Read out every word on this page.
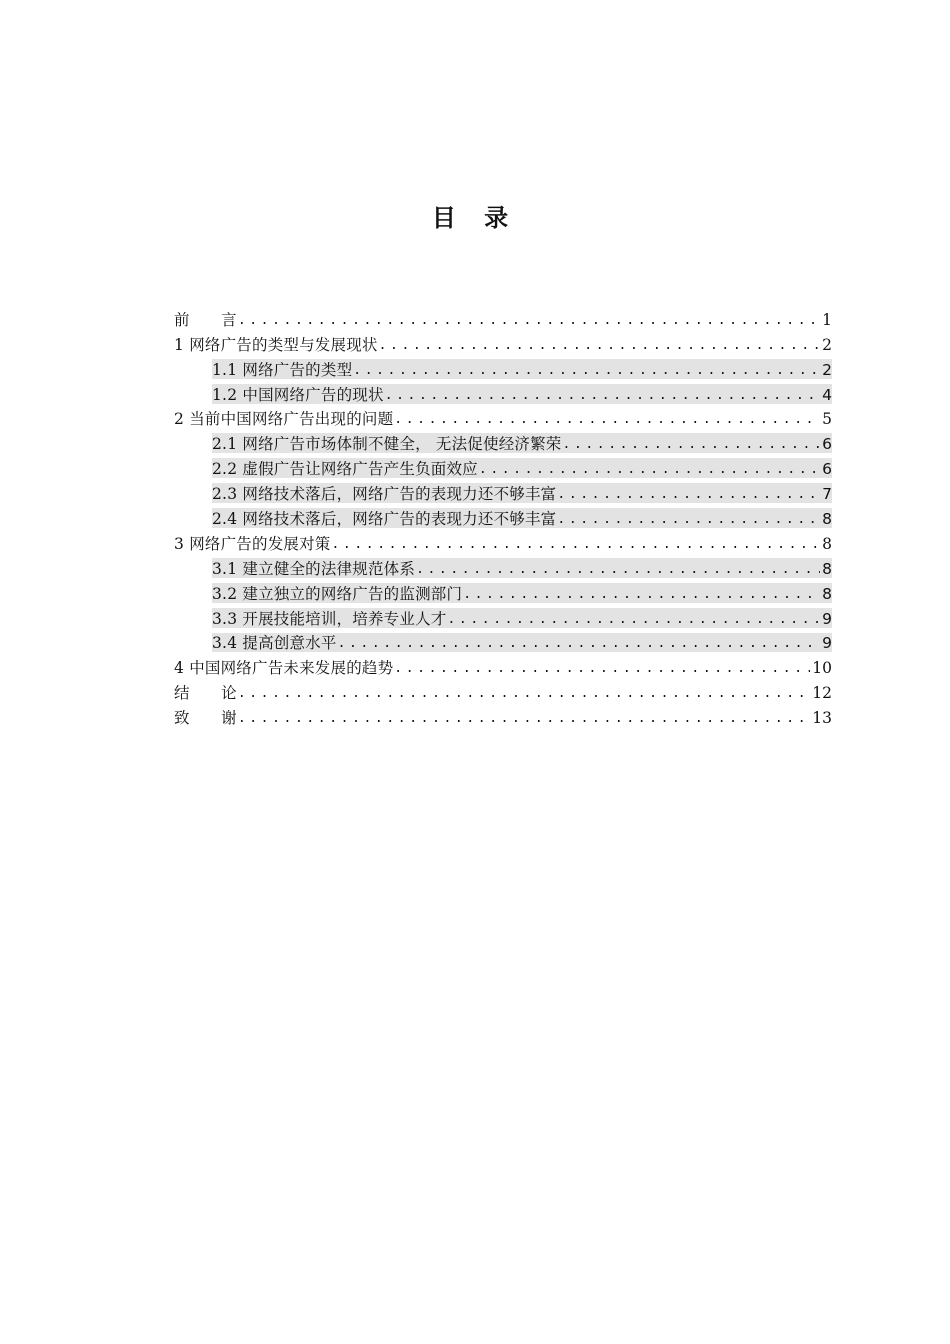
目 录
前　　言 .....	1
1 网络广告的类型与发展现状 .....	2
1.1 网络广告的类型 .....	2
1.2 中国网络广告的现状 .....	4
2 当前中国网络广告出现的问题 .....	5
2.1 网络广告市场体制不健全， 无法促使经济繁荣 .....	6
2.2 虚假广告让网络广告产生负面效应 .....	6
2.3 网络技术落后，网络广告的表现力还不够丰富 .....	7
2.4 网络技术落后，网络广告的表现力还不够丰富 .....	8
3 网络广告的发展对策 .....	8
3.1 建立健全的法律规范体系 .....	8
3.2 建立独立的网络广告的监测部门 .....	8
3.3 开展技能培训，培养专业人才 .....	9
3.4 提高创意水平 .....	9
4 中国网络广告未来发展的趋势 .....	10
结　　论 .....	12
致　　谢 .....	13
